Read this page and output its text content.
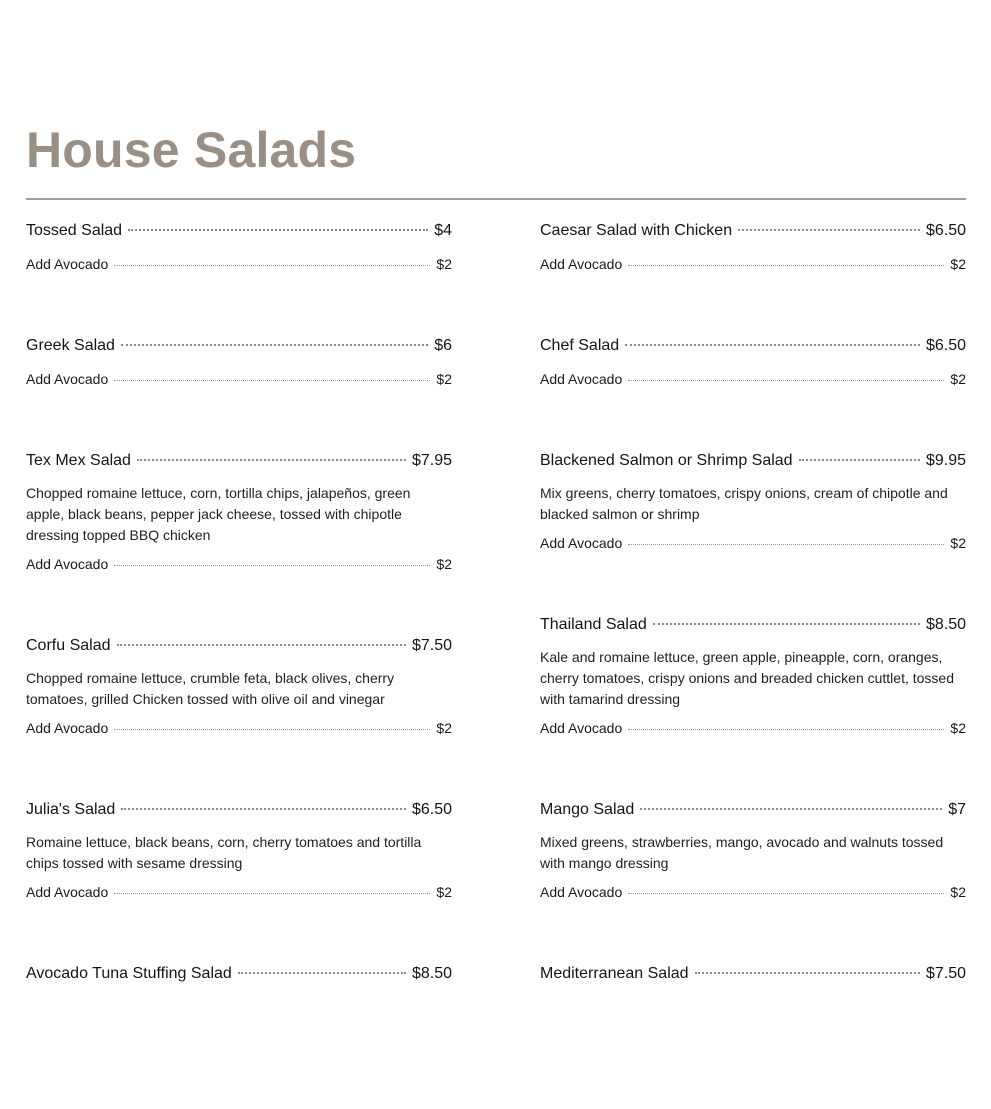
House Salads
Tossed Salad	$4
Add Avocado	$2
Greek Salad	$6
Add Avocado	$2
Tex Mex Salad	$7.95
Chopped romaine lettuce, corn, tortilla chips, jalapeños, green apple, black beans, pepper jack cheese, tossed with chipotle dressing topped BBQ chicken
Add Avocado	$2
Corfu Salad	$7.50
Chopped romaine lettuce, crumble feta, black olives, cherry tomatoes, grilled Chicken tossed with olive oil and vinegar
Add Avocado	$2
Julia's Salad	$6.50
Romaine lettuce, black beans, corn, cherry tomatoes and tortilla chips tossed with sesame dressing
Add Avocado	$2
Avocado Tuna Stuffing Salad	$8.50
Caesar Salad with Chicken	$6.50
Add Avocado	$2
Chef Salad	$6.50
Add Avocado	$2
Blackened Salmon or Shrimp Salad	$9.95
Mix greens, cherry tomatoes, crispy onions, cream of chipotle and blacked salmon or shrimp
Add Avocado	$2
Thailand Salad	$8.50
Kale and romaine lettuce, green apple, pineapple, corn, oranges, cherry tomatoes, crispy onions and breaded chicken cuttlet, tossed with tamarind dressing
Add Avocado	$2
Mango Salad	$7
Mixed greens, strawberries, mango, avocado and walnuts tossed with mango dressing
Add Avocado	$2
Mediterranean Salad	$7.50
